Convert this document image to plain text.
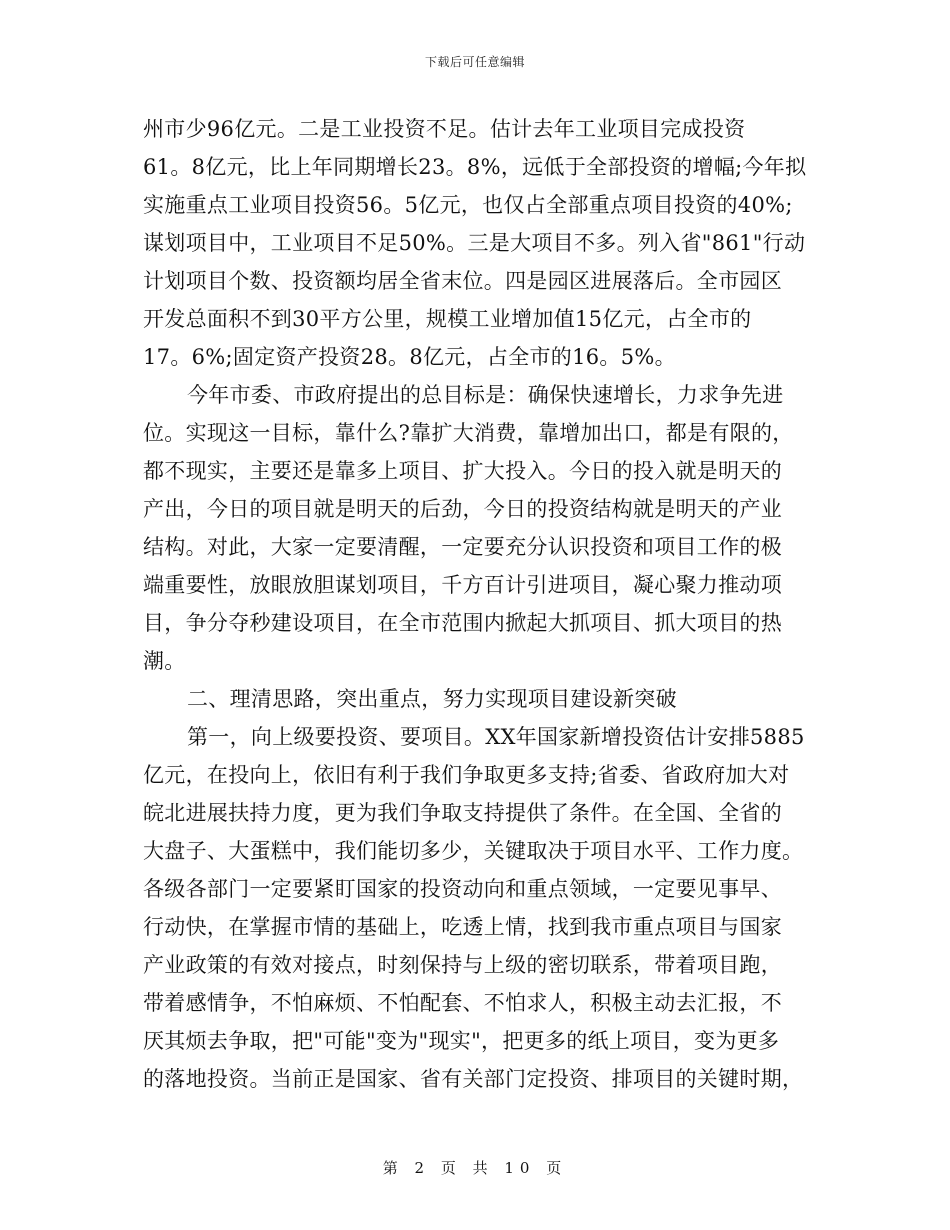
下载后可任意编辑
州市少96亿元。二是工业投资不足。估计去年工业项目完成投资
61。8亿元，比上年同期增长23。8%，远低于全部投资的增幅;今年拟
实施重点工业项目投资56。5亿元，也仅占全部重点项目投资的40%;
谋划项目中，工业项目不足50%。三是大项目不多。列入省"861"行动
计划项目个数、投资额均居全省末位。四是园区进展落后。全市园区
开发总面积不到30平方公里，规模工业增加值15亿元，占全市的
17。6%;固定资产投资28。8亿元，占全市的16。5%。
今年市委、市政府提出的总目标是：确保快速增长，力求争先进
位。实现这一目标，靠什么?靠扩大消费，靠增加出口，都是有限的，
都不现实，主要还是靠多上项目、扩大投入。今日的投入就是明天的
产出，今日的项目就是明天的后劲，今日的投资结构就是明天的产业
结构。对此，大家一定要清醒，一定要充分认识投资和项目工作的极
端重要性，放眼放胆谋划项目，千方百计引进项目，凝心聚力推动项
目，争分夺秒建设项目，在全市范围内掀起大抓项目、抓大项目的热
潮。
二、理清思路，突出重点，努力实现项目建设新突破
第一，向上级要投资、要项目。XX年国家新增投资估计安排5885
亿元，在投向上，依旧有利于我们争取更多支持;省委、省政府加大对
皖北进展扶持力度，更为我们争取支持提供了条件。在全国、全省的
大盘子、大蛋糕中，我们能切多少，关键取决于项目水平、工作力度。
各级各部门一定要紧盯国家的投资动向和重点领域，一定要见事早、
行动快，在掌握市情的基础上，吃透上情，找到我市重点项目与国家
产业政策的有效对接点，时刻保持与上级的密切联系，带着项目跑，
带着感情争，不怕麻烦、不怕配套、不怕求人，积极主动去汇报，不
厌其烦去争取，把"可能"变为"现实"，把更多的纸上项目，变为更多
的落地投资。当前正是国家、省有关部门定投资、排项目的关键时期，
第 2 页 共 10 页
